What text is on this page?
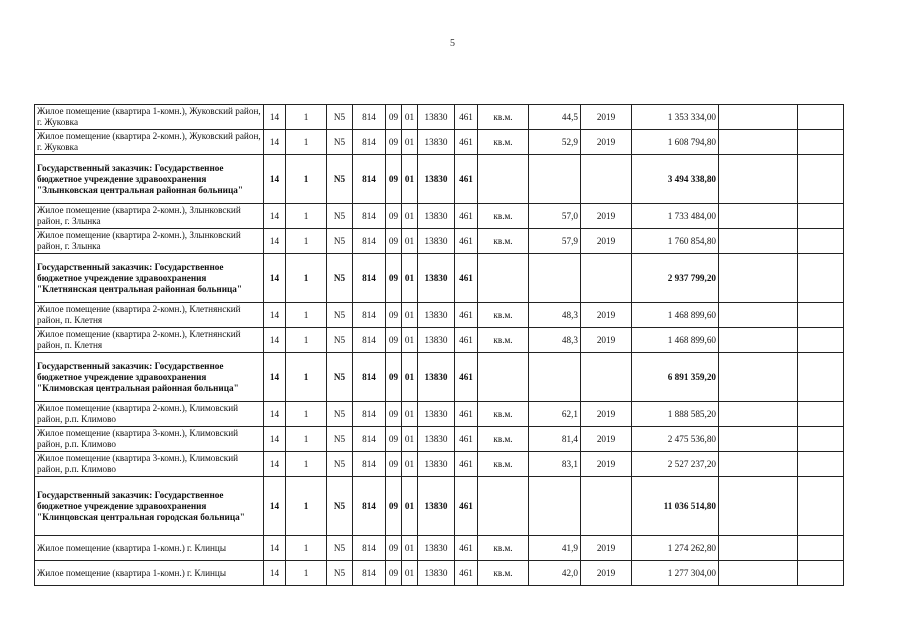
5
Жилое помещение (квартира 1-комн.), Жуковский район, г. Жуковка	14	1	N5	814	09	01	13830	461	кв.м.	44,5	2019	1 353 334,00		
Жилое помещение (квартира 2-комн.), Жуковский район, г. Жуковка	14	1	N5	814	09	01	13830	461	кв.м.	52,9	2019	1 608 794,80		
Государственный заказчик: Государственное бюджетное учреждение здравоохранения "Злынковская центральная районная больница"	14	1	N5	814	09	01	13830	461				3 494 338,80		
Жилое помещение (квартира 2-комн.), Злынковский район, г. Злынка	14	1	N5	814	09	01	13830	461	кв.м.	57,0	2019	1 733 484,00		
Жилое помещение (квартира 2-комн.), Злынковский район, г. Злынка	14	1	N5	814	09	01	13830	461	кв.м.	57,9	2019	1 760 854,80		
Государственный заказчик: Государственное бюджетное учреждение здравоохранения "Клетнянская центральная районная больница"	14	1	N5	814	09	01	13830	461				2 937 799,20		
Жилое помещение (квартира 2-комн.), Клетнянский район, п. Клетня	14	1	N5	814	09	01	13830	461	кв.м.	48,3	2019	1 468 899,60		
Жилое помещение (квартира 2-комн.), Клетнянский район, п. Клетня	14	1	N5	814	09	01	13830	461	кв.м.	48,3	2019	1 468 899,60		
Государственный заказчик: Государственное бюджетное учреждение здравоохранения "Климовская центральная районная больница"	14	1	N5	814	09	01	13830	461				6 891 359,20		
Жилое помещение (квартира 2-комн.), Климовский район, р.п. Климово	14	1	N5	814	09	01	13830	461	кв.м.	62,1	2019	1 888 585,20		
Жилое помещение (квартира 3-комн.), Климовский район, р.п. Климово	14	1	N5	814	09	01	13830	461	кв.м.	81,4	2019	2 475 536,80		
Жилое помещение (квартира 3-комн.), Климовский район, р.п. Климово	14	1	N5	814	09	01	13830	461	кв.м.	83,1	2019	2 527 237,20		
Государственный заказчик: Государственное бюджетное учреждение здравоохранения "Клинцовская центральная городская больница"	14	1	N5	814	09	01	13830	461				11 036 514,80		
Жилое помещение (квартира 1-комн.) г. Клинцы	14	1	N5	814	09	01	13830	461	кв.м.	41,9	2019	1 274 262,80		
Жилое помещение (квартира 1-комн.) г. Клинцы	14	1	N5	814	09	01	13830	461	кв.м.	42,0	2019	1 277 304,00		
